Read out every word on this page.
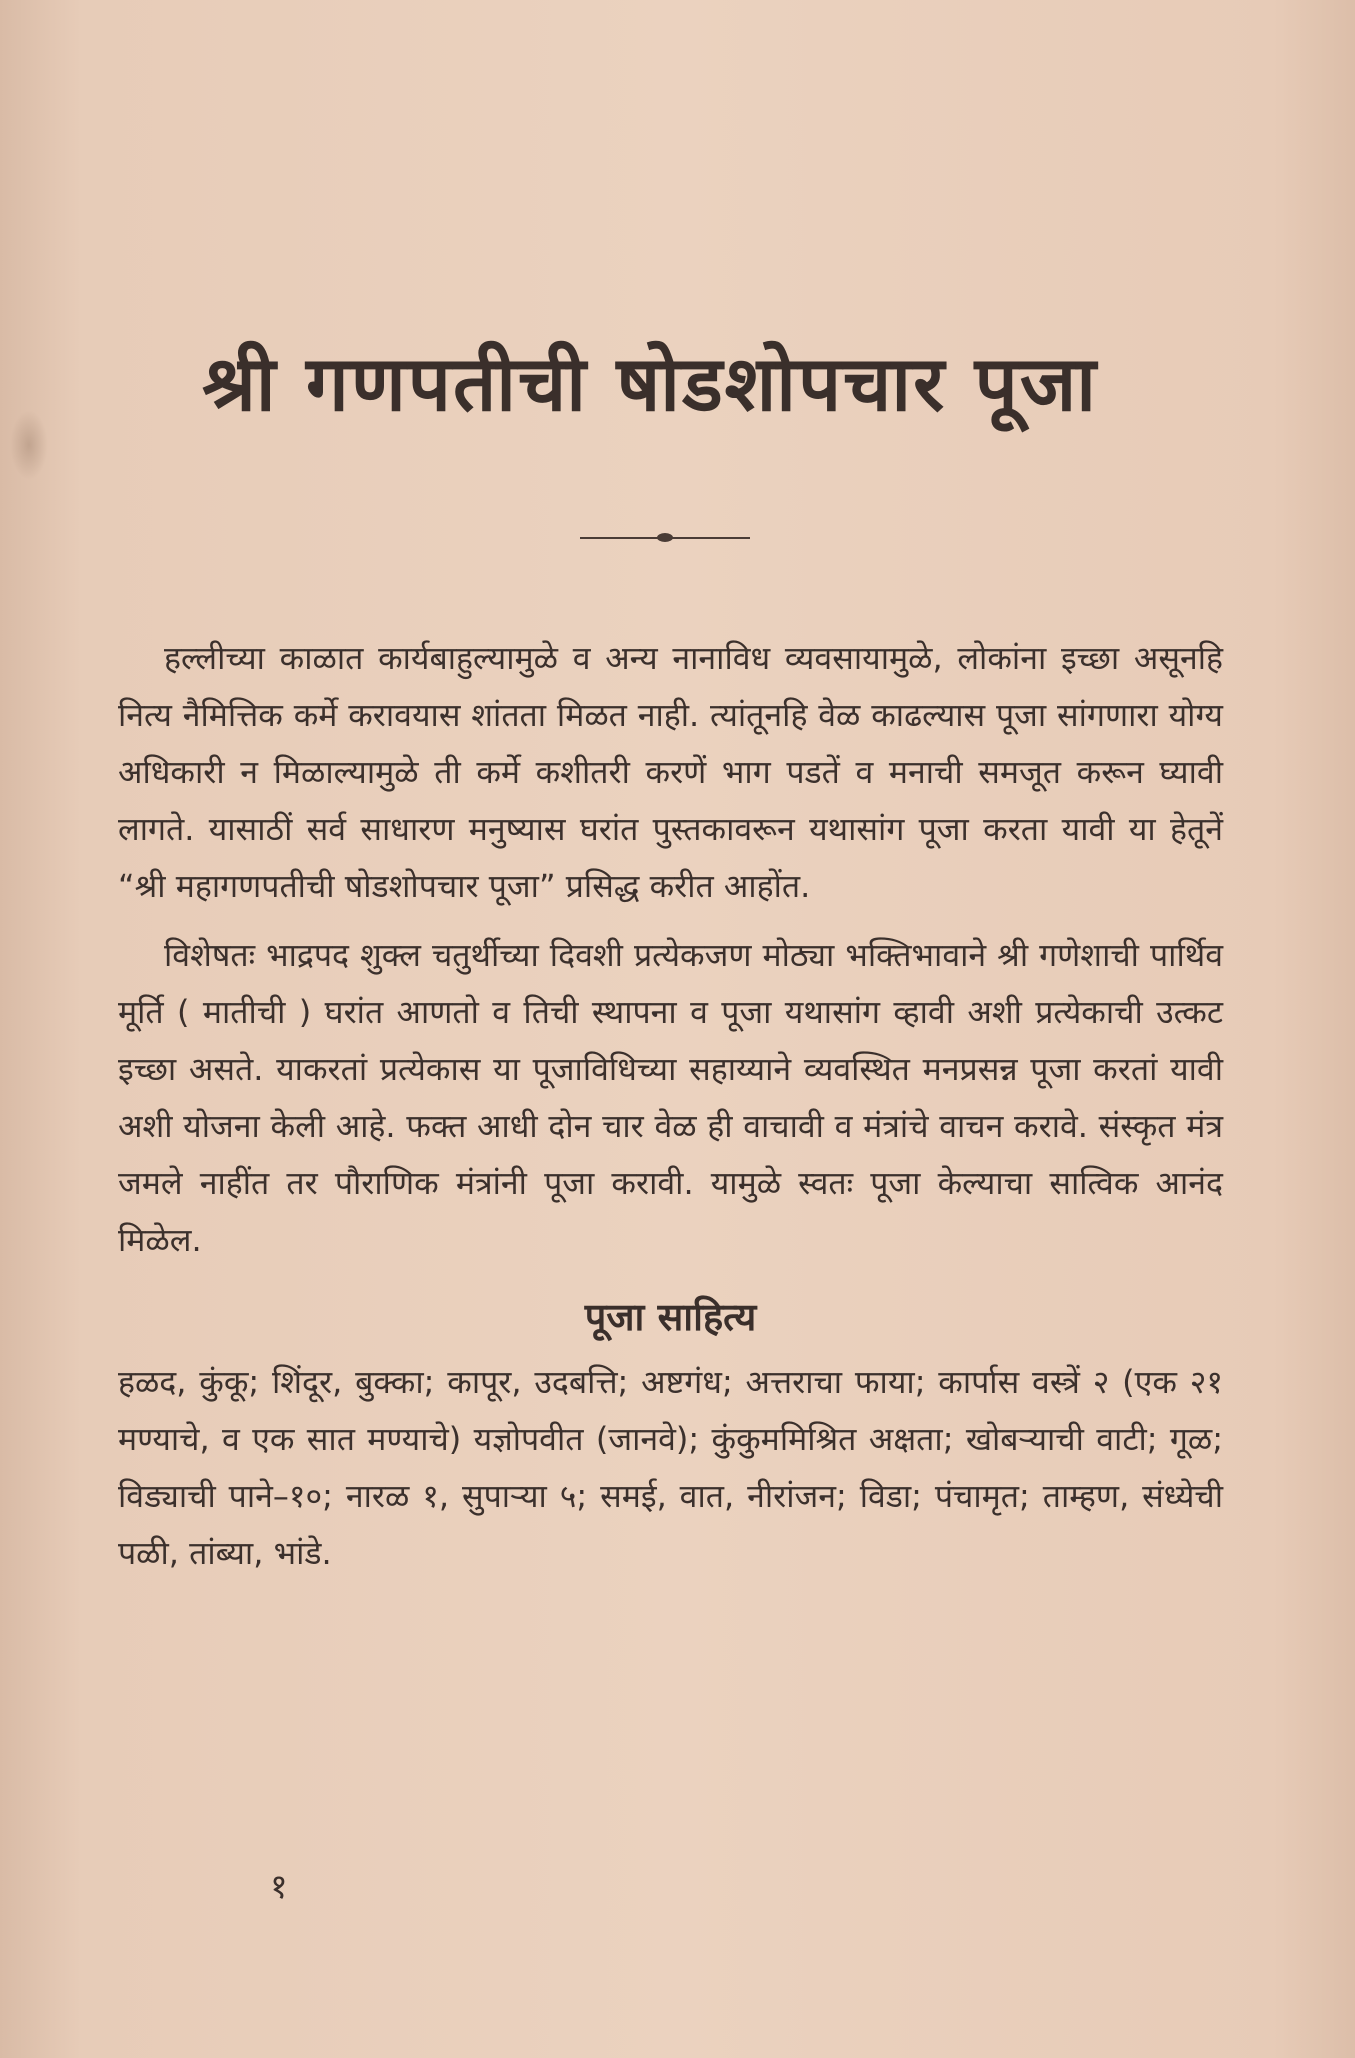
श्री गणपतीची षोडशोपचार पूजा

हल्लीच्या काळात कार्यबाहुल्यामुळे व अन्य नानाविध व्यवसायामुळे, लोकांना इच्छा असूनहि नित्य नैमित्तिक कर्मे करावयास शांतता मिळत नाही. त्यांतूनहि वेळ काढल्यास पूजा सांगणारा योग्य अधिकारी न मिळाल्यामुळे ती कर्मे कशीतरी करणें भाग पडतें व मनाची समजूत करून घ्यावी लागते. यासाठीं सर्व साधारण मनुष्यास घरांत पुस्तकावरून यथासांग पूजा करता यावी या हेतूनें “श्री महागणपतीची षोडशोपचार पूजा” प्रसिद्ध करीत आहोंत.

विशेषतः भाद्रपद शुक्ल चतुर्थीच्या दिवशी प्रत्येकजण मोठ्या भक्तिभावाने श्री गणेशाची पार्थिव मूर्ति ( मातीची ) घरांत आणतो व तिची स्थापना व पूजा यथासांग व्हावी अशी प्रत्येकाची उत्कट इच्छा असते. याकरतां प्रत्येकास या पूजाविधिच्या सहाय्याने व्यवस्थित मनप्रसन्न पूजा करतां यावी अशी योजना केली आहे. फक्त आधी दोन चार वेळ ही वाचावी व मंत्रांचे वाचन करावे. संस्कृत मंत्र जमले नाहींत तर पौराणिक मंत्रांनी पूजा करावी. यामुळे स्वतः पूजा केल्याचा सात्विक आनंद मिळेल.

पूजा साहित्य

हळद, कुंकू; शिंदूर, बुक्का; कापूर, उदबत्ति; अष्टगंध; अत्तराचा फाया; कार्पास वस्त्रें २ (एक २१ मण्याचे, व एक सात मण्याचे) यज्ञोपवीत (जानवे); कुंकुममिश्रित अक्षता; खोबऱ्याची वाटी; गूळ; विड्याची पाने–१०; नारळ १, सुपाऱ्या ५; समई, वात, नीरांजन; विडा; पंचामृत; ताम्हण, संध्येची पळी, तांब्या, भांडे.

१
